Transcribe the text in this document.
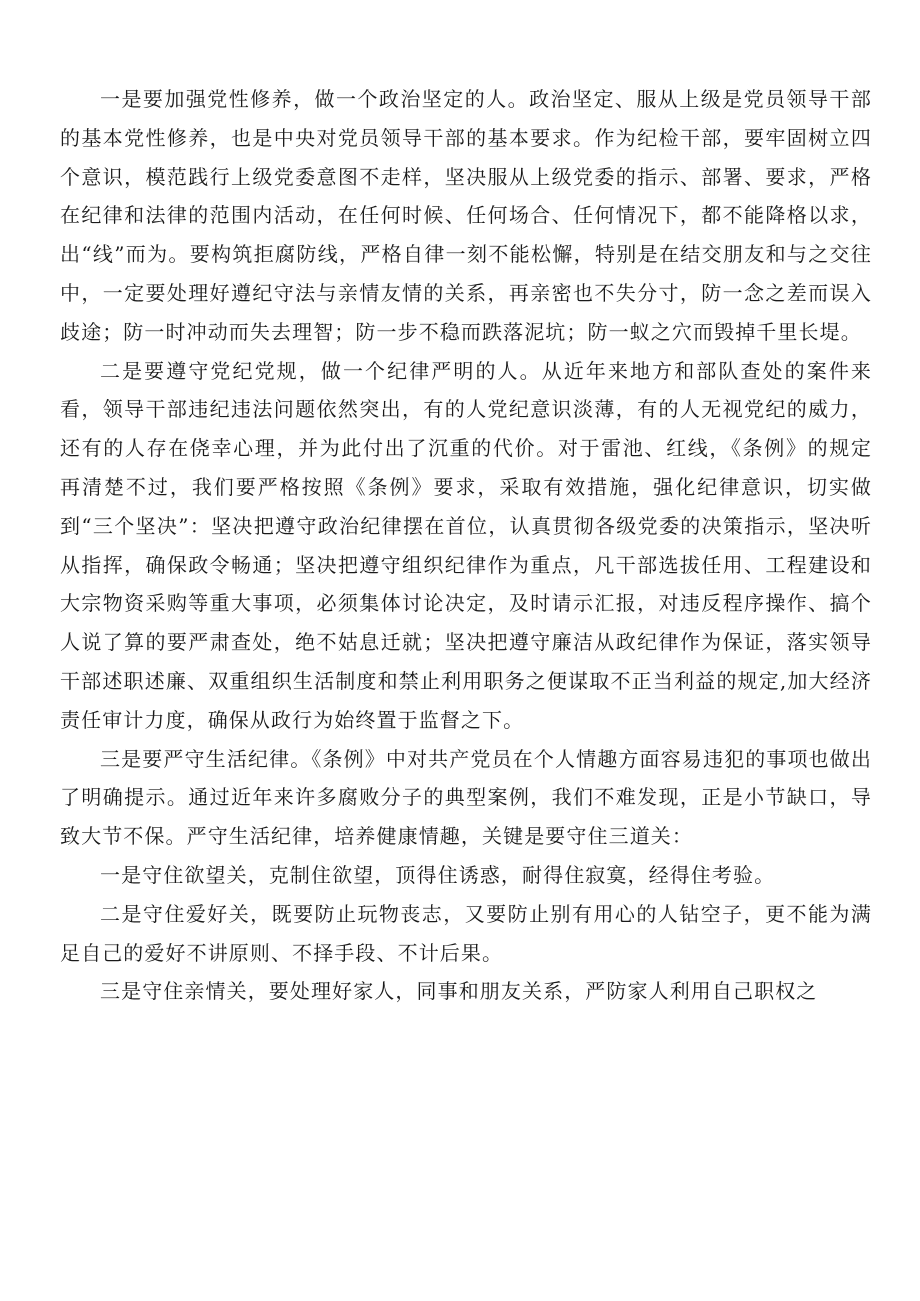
一是要加强党性修养，做一个政治坚定的人。政治坚定、服从上级是党员领导干部的基本党性修养，也是中央对党员领导干部的基本要求。作为纪检干部，要牢固树立四个意识，模范践行上级党委意图不走样，坚决服从上级党委的指示、部署、要求，严格在纪律和法律的范围内活动，在任何时候、任何场合、任何情况下，都不能降格以求，出“线”而为。要构筑拒腐防线，严格自律一刻不能松懈，特别是在结交朋友和与之交往中，一定要处理好遵纪守法与亲情友情的关系，再亲密也不失分寸，防一念之差而误入歧途；防一时冲动而失去理智；防一步不稳而跌落泥坑；防一蚁之穴而毁掉千里长堤。

二是要遵守党纪党规，做一个纪律严明的人。从近年来地方和部队查处的案件来看，领导干部违纪违法问题依然突出，有的人党纪意识淡薄，有的人无视党纪的威力，还有的人存在侥幸心理，并为此付出了沉重的代价。对于雷池、红线，《条例》的规定再清楚不过，我们要严格按照《条例》要求，采取有效措施，强化纪律意识，切实做到“三个坚决”：坚决把遵守政治纪律摆在首位，认真贯彻各级党委的决策指示，坚决听从指挥，确保政令畅通；坚决把遵守组织纪律作为重点，凡干部选拔任用、工程建设和大宗物资采购等重大事项，必须集体讨论决定，及时请示汇报，对违反程序操作、搞个人说了算的要严肃查处，绝不姑息迁就；坚决把遵守廉洁从政纪律作为保证，落实领导干部述职述廉、双重组织生活制度和禁止利用职务之便谋取不正当利益的规定,加大经济责任审计力度，确保从政行为始终置于监督之下。

三是要严守生活纪律。《条例》中对共产党员在个人情趣方面容易违犯的事项也做出了明确提示。通过近年来许多腐败分子的典型案例，我们不难发现，正是小节缺口，导致大节不保。严守生活纪律，培养健康情趣，关键是要守住三道关：

一是守住欲望关，克制住欲望，顶得住诱惑，耐得住寂寞，经得住考验。

二是守住爱好关，既要防止玩物丧志，又要防止别有用心的人钻空子，更不能为满足自己的爱好不讲原则、不择手段、不计后果。

三是守住亲情关，要处理好家人，同事和朋友关系，严防家人利用自己职权之
